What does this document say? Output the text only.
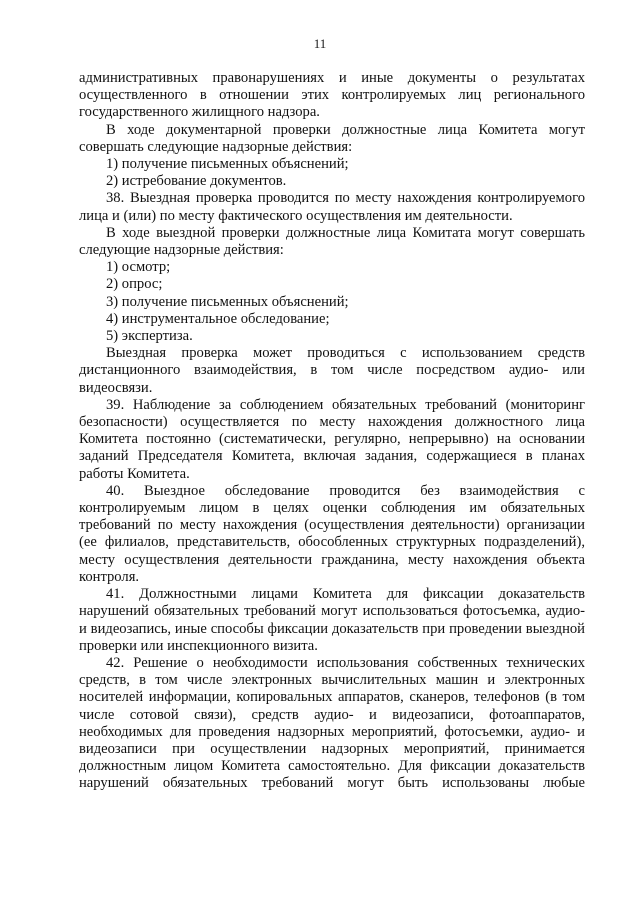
11

административных правонарушениях и иные документы о результатах осуществленного в отношении этих контролируемых лиц регионального государственного жилищного надзора.

В ходе документарной проверки должностные лица Комитета могут совершать следующие надзорные действия:

1) получение письменных объяснений;

2) истребование документов.

38. Выездная проверка проводится по месту нахождения контролируемого лица и (или) по месту фактического осуществления им деятельности.

В ходе выездной проверки должностные лица Комитата могут совершать следующие надзорные действия:

1) осмотр;

2) опрос;

3) получение письменных объяснений;

4) инструментальное обследование;

5) экспертиза.

Выездная проверка может проводиться с использованием средств дистанционного взаимодействия, в том числе посредством аудио- или видеосвязи.

39. Наблюдение за соблюдением обязательных требований (мониторинг безопасности) осуществляется по месту нахождения должностного лица Комитета постоянно (систематически, регулярно, непрерывно) на основании заданий Председателя Комитета, включая задания, содержащиеся в планах работы Комитета.

40. Выездное обследование проводится без взаимодействия с контролируемым лицом в целях оценки соблюдения им обязательных требований по месту нахождения (осуществления деятельности) организации (ее филиалов, представительств, обособленных структурных подразделений), месту осуществления деятельности гражданина, месту нахождения объекта контроля.

41. Должностными лицами Комитета для фиксации доказательств нарушений обязательных требований могут использоваться фотосъемка, аудио- и видеозапись, иные способы фиксации доказательств при проведении выездной проверки или инспекционного визита.

42. Решение о необходимости использования собственных технических средств, в том числе электронных вычислительных машин и электронных носителей информации, копировальных аппаратов, сканеров, телефонов (в том числе сотовой связи), средств аудио- и видеозаписи, фотоаппаратов, необходимых для проведения надзорных мероприятий, фотосъемки, аудио- и видеозаписи при осуществлении надзорных мероприятий, принимается должностным лицом Комитета самостоятельно. Для фиксации доказательств нарушений обязательных требований могут быть использованы любые
